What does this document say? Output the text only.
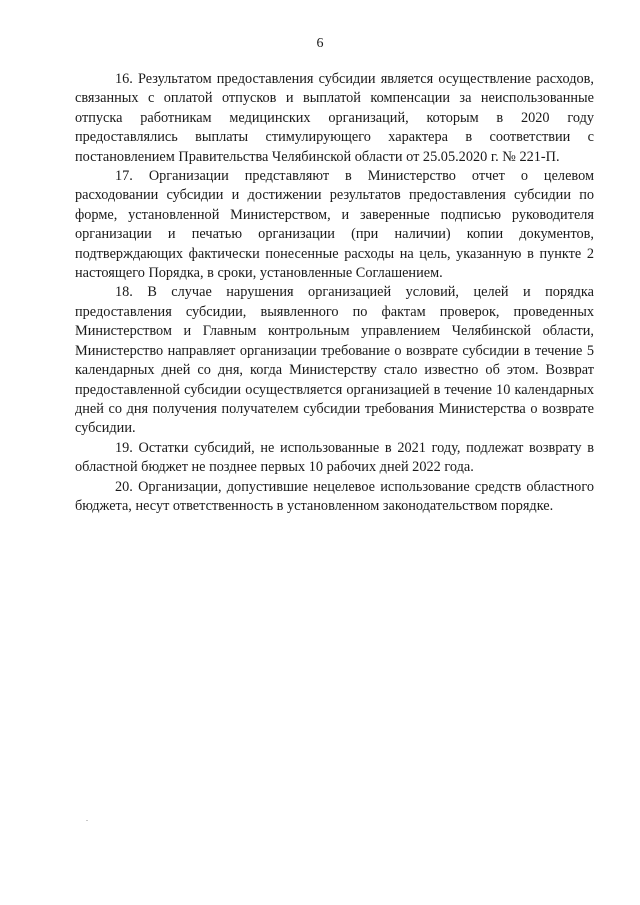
6

16. Результатом предоставления субсидии является осуществление расходов, связанных с оплатой отпусков и выплатой компенсации за неиспользованные отпуска работникам медицинских организаций, которым в 2020 году предоставлялись выплаты стимулирующего характера в соответствии с постановлением Правительства Челябинской области от 25.05.2020 г. № 221-П.

17. Организации представляют в Министерство отчет о целевом расходовании субсидии и достижении результатов предоставления субсидии по форме, установленной Министерством, и заверенные подписью руководителя организации и печатью организации (при наличии) копии документов, подтверждающих фактически понесенные расходы на цель, указанную в пункте 2 настоящего Порядка, в сроки, установленные Соглашением.

18. В случае нарушения организацией условий, целей и порядка предоставления субсидии, выявленного по фактам проверок, проведенных Министерством и Главным контрольным управлением Челябинской области, Министерство направляет организации требование о возврате субсидии в течение 5 календарных дней со дня, когда Министерству стало известно об этом. Возврат предоставленной субсидии осуществляется организацией в течение 10 календарных дней со дня получения получателем субсидии требования Министерства о возврате субсидии.

19. Остатки субсидий, не использованные в 2021 году, подлежат возврату в областной бюджет не позднее первых 10 рабочих дней 2022 года.

20. Организации, допустившие нецелевое использование средств областного бюджета, несут ответственность в установленном законодательством порядке.
